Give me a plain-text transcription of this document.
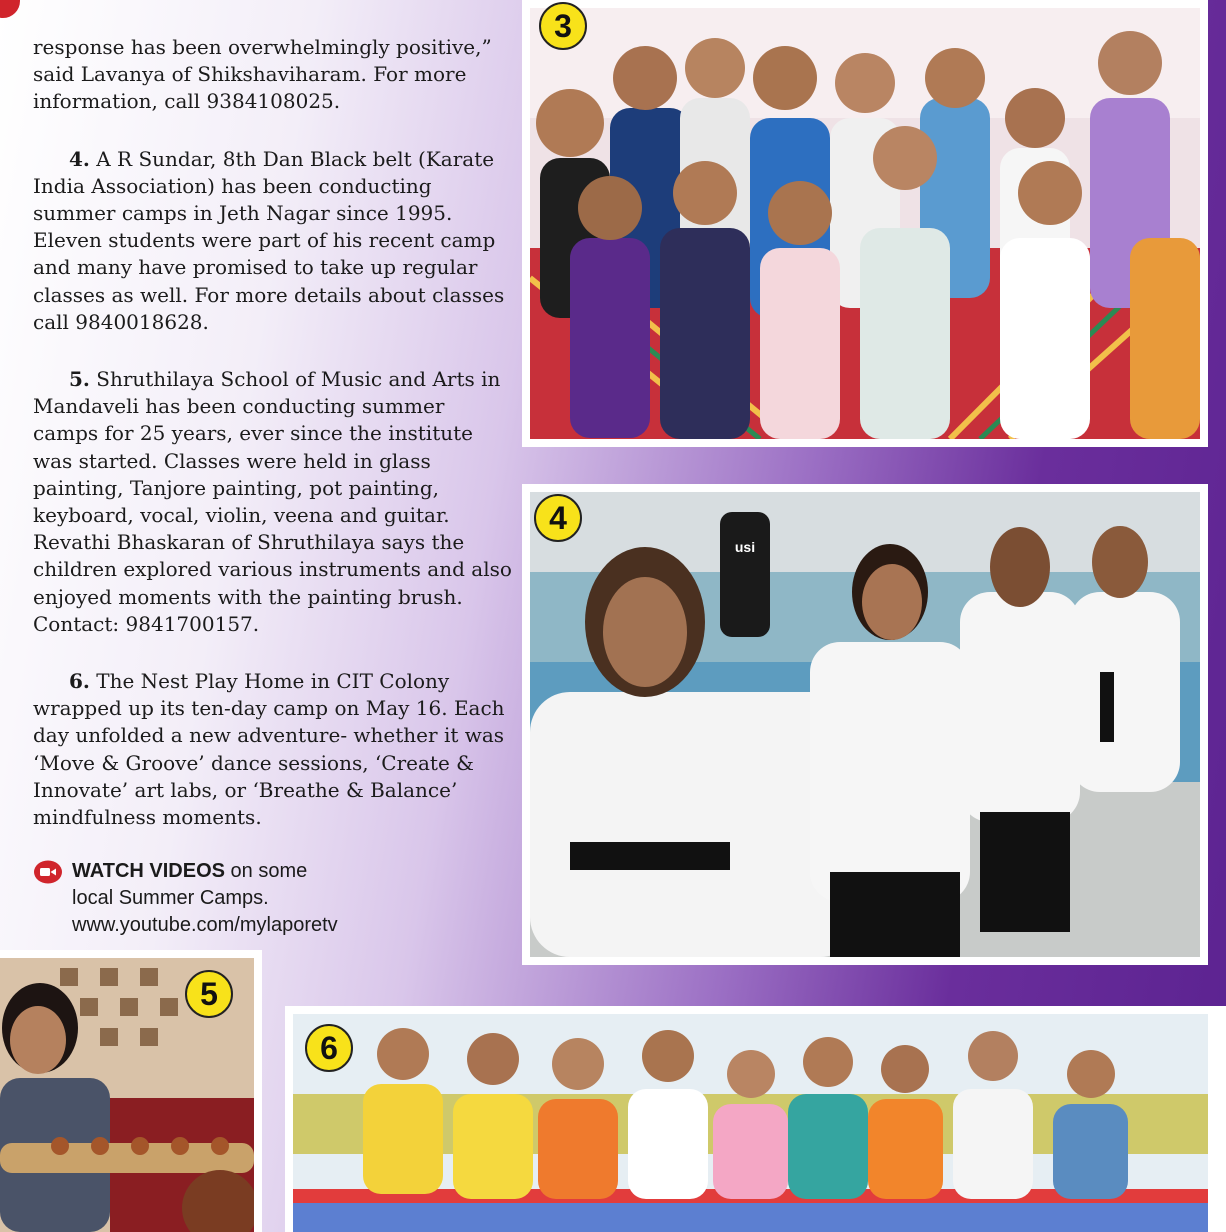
response has been overwhelmingly positive,” said Lavanya of Shikshaviharam. For more information, call 9384108025.

4. A R Sundar, 8th Dan Black belt (Karate India Association) has been conducting summer camps in Jeth Nagar since 1995. Eleven students were part of his recent camp and many have promised to take up regular classes as well. For more details about classes call 9840018628.

5. Shruthilaya School of Music and Arts in Mandaveli has been conducting summer camps for 25 years, ever since the institute was started. Classes were held in glass painting, Tanjore painting, pot painting, keyboard, vocal, violin, veena and guitar. Revathi Bhaskaran of Shruthilaya says the children explored various instruments and also enjoyed moments with the painting brush. Contact: 9841700157.

6. The Nest Play Home in CIT Colony wrapped up its ten-day camp on May 16. Each day unfolded a new adventure- whether it was ‘Move & Groove’ dance sessions, ‘Create & Innovate’ art labs, or ‘Breathe & Balance’ mindfulness moments.

WATCH VIDEOS on some
local Summer Camps.
www.youtube.com/mylaporetv
3
usi
4
5
6
